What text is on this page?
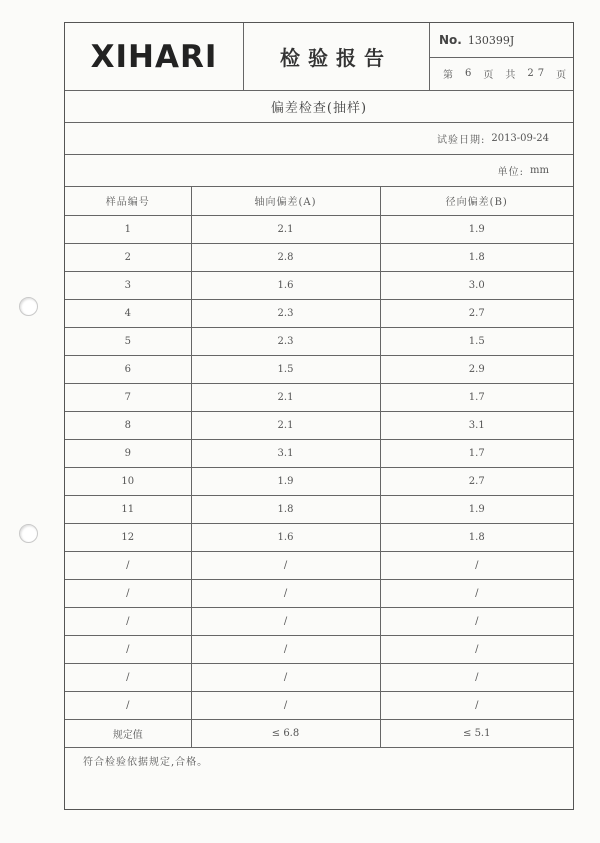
XIHARI	检验报告
No. 130399J
第 6 页 共 27 页
偏差检查(抽样)
试验日期: 2013-09-24
单位: mm
样品编号	轴向偏差(A)	径向偏差(B)
1	2.1	1.9
2	2.8	1.8
3	1.6	3.0
4	2.3	2.7
5	2.3	1.5
6	1.5	2.9
7	2.1	1.7
8	2.1	3.1
9	3.1	1.7
10	1.9	2.7
11	1.8	1.9
12	1.6	1.8
/	/	/
/	/	/
/	/	/
/	/	/
/	/	/
/	/	/
规定值	≤ 6.8	≤ 5.1
符合检验依据规定,合格。
